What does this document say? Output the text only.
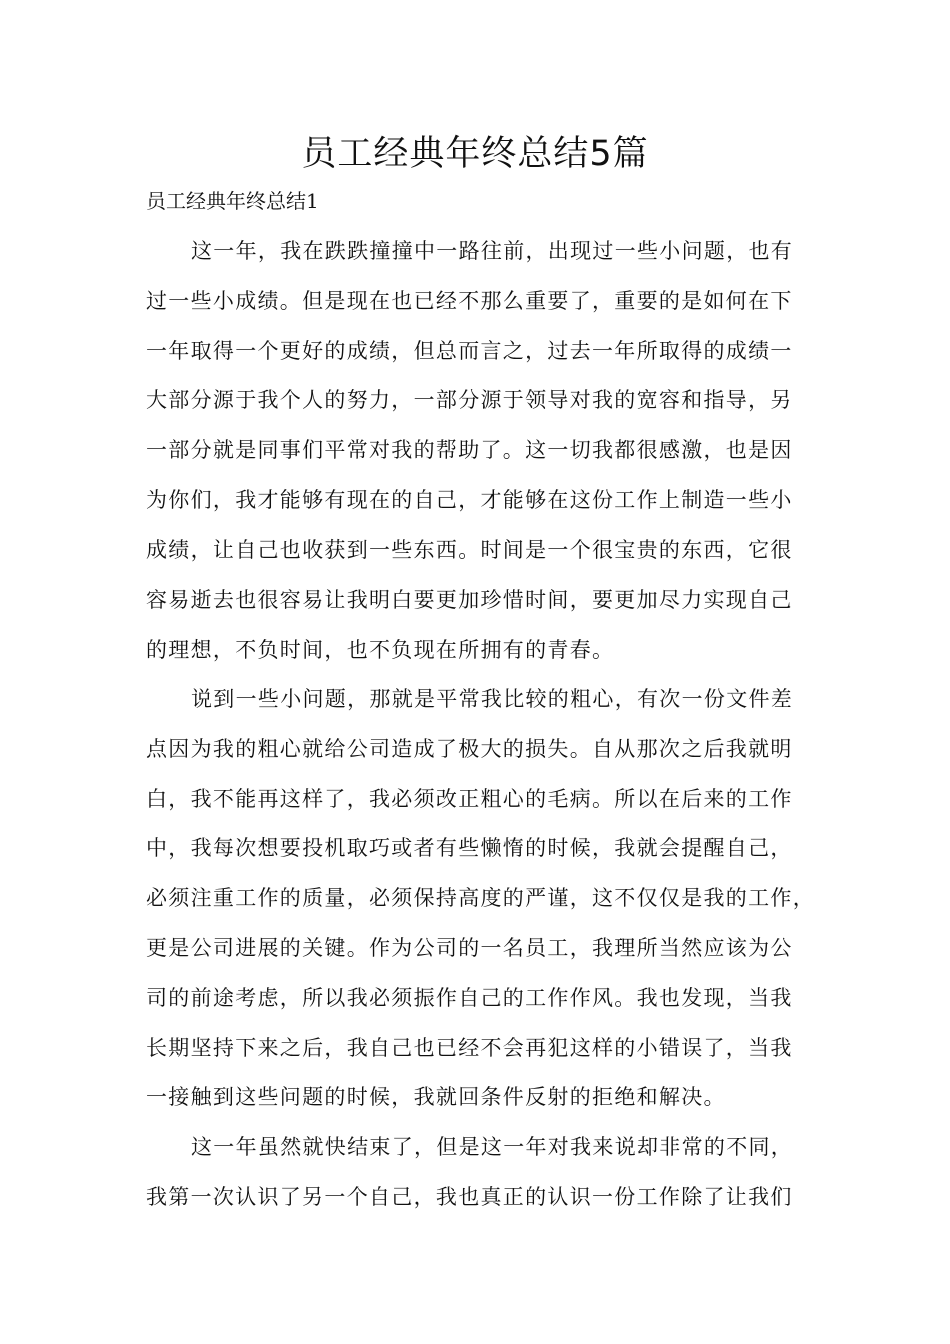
员工经典年终总结5篇
员工经典年终总结1
这一年，我在跌跌撞撞中一路往前，出现过一些小问题，也有
过一些小成绩。但是现在也已经不那么重要了，重要的是如何在下
一年取得一个更好的成绩，但总而言之，过去一年所取得的成绩一
大部分源于我个人的努力，一部分源于领导对我的宽容和指导，另
一部分就是同事们平常对我的帮助了。这一切我都很感激，也是因
为你们，我才能够有现在的自己，才能够在这份工作上制造一些小
成绩，让自己也收获到一些东西。时间是一个很宝贵的东西，它很
容易逝去也很容易让我明白要更加珍惜时间，要更加尽力实现自己
的理想，不负时间，也不负现在所拥有的青春。
说到一些小问题，那就是平常我比较的粗心，有次一份文件差
点因为我的粗心就给公司造成了极大的损失。自从那次之后我就明
白，我不能再这样了，我必须改正粗心的毛病。所以在后来的工作
中，我每次想要投机取巧或者有些懒惰的时候，我就会提醒自己，
必须注重工作的质量，必须保持高度的严谨，这不仅仅是我的工作，
更是公司进展的关键。作为公司的一名员工，我理所当然应该为公
司的前途考虑，所以我必须振作自己的工作作风。我也发现，当我
长期坚持下来之后，我自己也已经不会再犯这样的小错误了，当我
一接触到这些问题的时候，我就回条件反射的拒绝和解决。
这一年虽然就快结束了，但是这一年对我来说却非常的不同，
我第一次认识了另一个自己，我也真正的认识一份工作除了让我们
